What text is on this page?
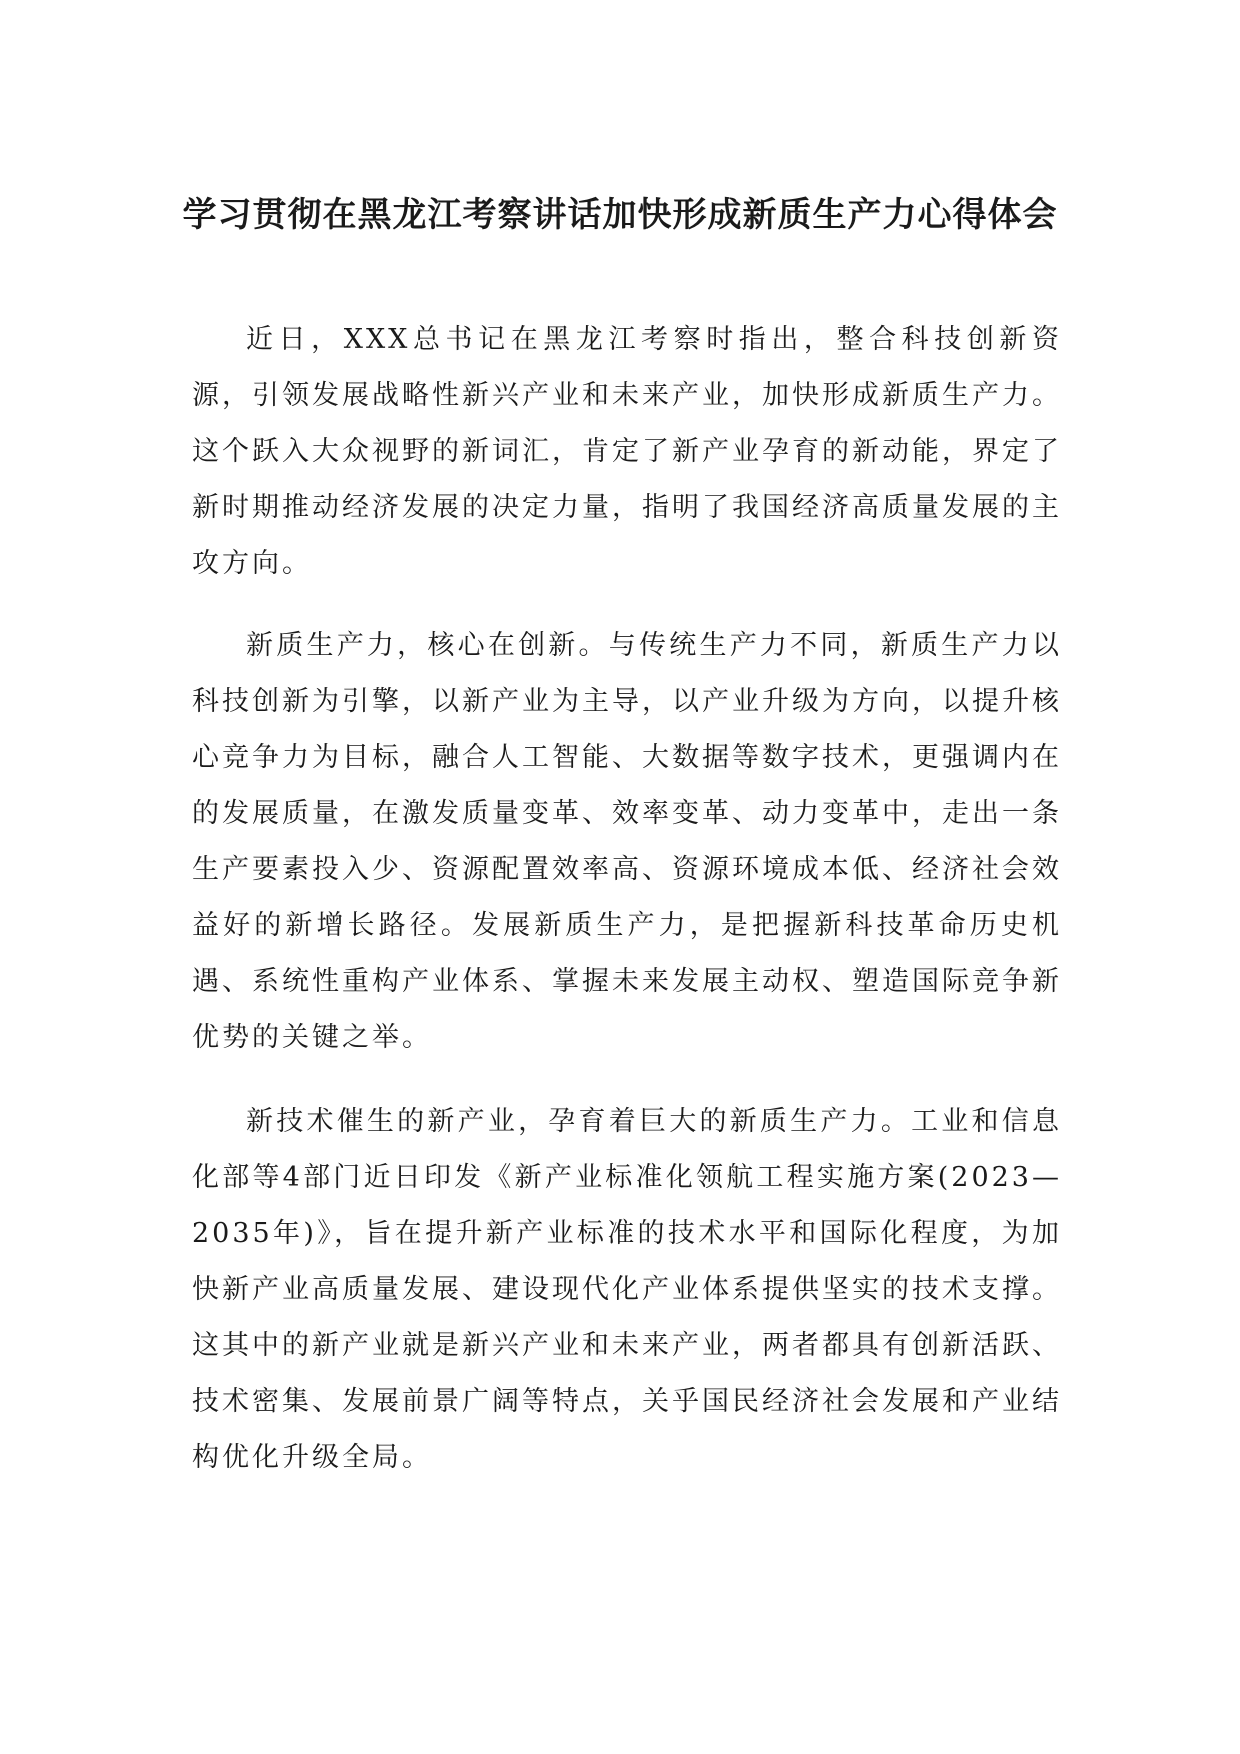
学习贯彻在黑龙江考察讲话加快形成新质生产力心得体会

近日，XXX总书记在黑龙江考察时指出，整合科技创新资源，引领发展战略性新兴产业和未来产业，加快形成新质生产力。这个跃入大众视野的新词汇，肯定了新产业孕育的新动能，界定了新时期推动经济发展的决定力量，指明了我国经济高质量发展的主攻方向。

新质生产力，核心在创新。与传统生产力不同，新质生产力以科技创新为引擎，以新产业为主导，以产业升级为方向，以提升核心竞争力为目标，融合人工智能、大数据等数字技术，更强调内在的发展质量，在激发质量变革、效率变革、动力变革中，走出一条生产要素投入少、资源配置效率高、资源环境成本低、经济社会效益好的新增长路径。发展新质生产力，是把握新科技革命历史机遇、系统性重构产业体系、掌握未来发展主动权、塑造国际竞争新优势的关键之举。

新技术催生的新产业，孕育着巨大的新质生产力。工业和信息化部等4部门近日印发《新产业标准化领航工程实施方案(2023—2035年)》，旨在提升新产业标准的技术水平和国际化程度，为加快新产业高质量发展、建设现代化产业体系提供坚实的技术支撑。这其中的新产业就是新兴产业和未来产业，两者都具有创新活跃、技术密集、发展前景广阔等特点，关乎国民经济社会发展和产业结构优化升级全局。
